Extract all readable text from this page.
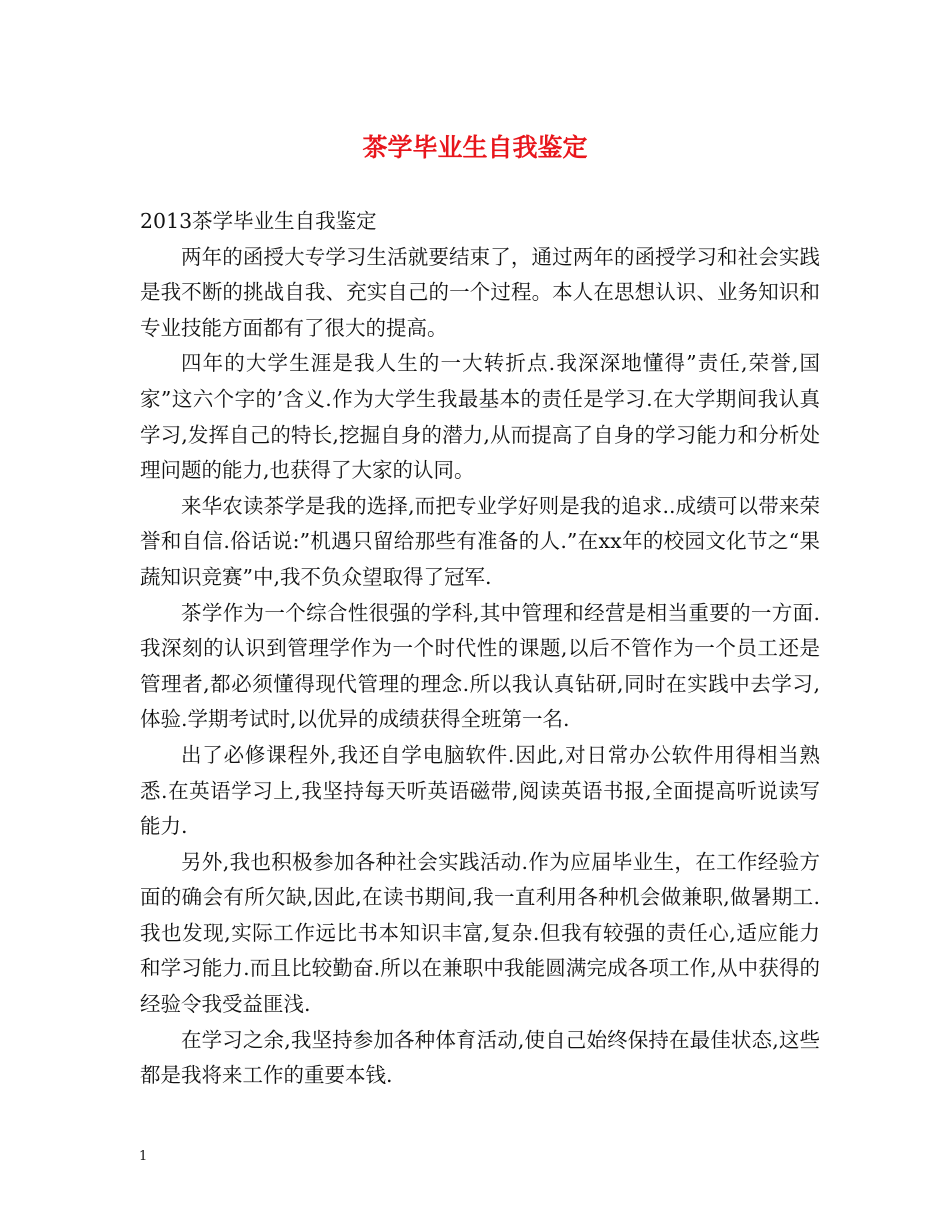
茶学毕业生自我鉴定

2013茶学毕业生自我鉴定

两年的函授大专学习生活就要结束了，通过两年的函授学习和社会实践是我不断的挑战自我、充实自己的一个过程。本人在思想认识、业务知识和专业技能方面都有了很大的提高。

四年的大学生涯是我人生的一大转折点.我深深地懂得”责任,荣誉,国家”这六个字的’含义.作为大学生我最基本的责任是学习.在大学期间我认真学习,发挥自己的特长,挖掘自身的潜力,从而提高了自身的学习能力和分析处理问题的能力,也获得了大家的认同。

来华农读茶学是我的选择,而把专业学好则是我的追求..成绩可以带来荣誉和自信.俗话说:”机遇只留给那些有准备的人.”在xx年的校园文化节之“果蔬知识竞赛”中,我不负众望取得了冠军.

茶学作为一个综合性很强的学科,其中管理和经营是相当重要的一方面.我深刻的认识到管理学作为一个时代性的课题,以后不管作为一个员工还是管理者,都必须懂得现代管理的理念.所以我认真钻研,同时在实践中去学习,体验.学期考试时,以优异的成绩获得全班第一名.

出了必修课程外,我还自学电脑软件.因此,对日常办公软件用得相当熟悉.在英语学习上,我坚持每天听英语磁带,阅读英语书报,全面提高听说读写能力.

另外,我也积极参加各种社会实践活动.作为应届毕业生，在工作经验方面的确会有所欠缺,因此,在读书期间,我一直利用各种机会做兼职,做暑期工.我也发现,实际工作远比书本知识丰富,复杂.但我有较强的责任心,适应能力和学习能力.而且比较勤奋.所以在兼职中我能圆满完成各项工作,从中获得的经验令我受益匪浅.

在学习之余,我坚持参加各种体育活动,使自己始终保持在最佳状态,这些都是我将来工作的重要本钱.

1
